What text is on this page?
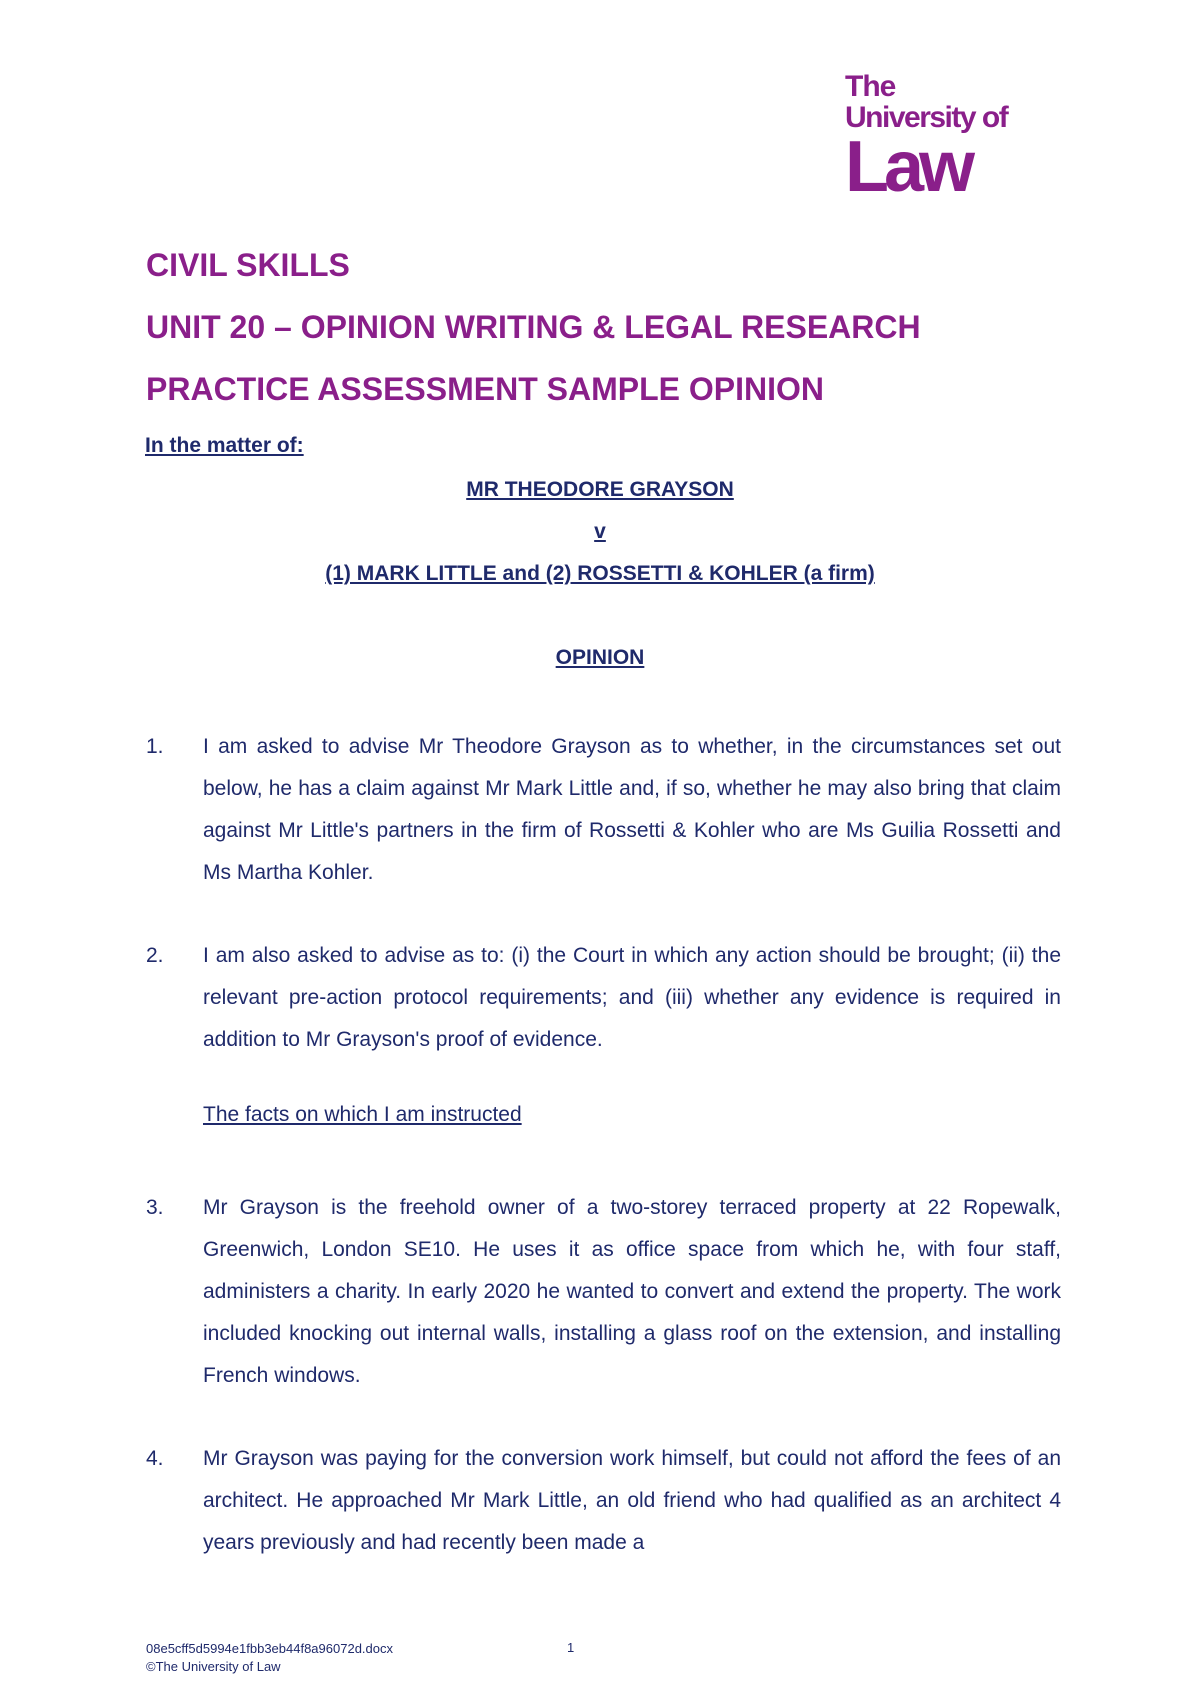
The
University of
Law
CIVIL SKILLS
UNIT 20 – OPINION WRITING & LEGAL RESEARCH
PRACTICE ASSESSMENT SAMPLE OPINION

In the matter of:

MR THEODORE GRAYSON

v

(1) MARK LITTLE and (2) ROSSETTI & KOHLER (a firm)

OPINION

1. I am asked to advise Mr Theodore Grayson as to whether, in the circumstances set out below, he has a claim against Mr Mark Little and, if so, whether he may also bring that claim against Mr Little's partners in the firm of Rossetti & Kohler who are Ms Guilia Rossetti and Ms Martha Kohler.
2. I am also asked to advise as to: (i) the Court in which any action should be brought; (ii) the relevant pre-action protocol requirements; and (iii) whether any evidence is required in addition to Mr Grayson's proof of evidence.

The facts on which I am instructed

3. Mr Grayson is the freehold owner of a two-storey terraced property at 22 Ropewalk, Greenwich, London SE10. He uses it as office space from which he, with four staff, administers a charity. In early 2020 he wanted to convert and extend the property. The work included knocking out internal walls, installing a glass roof on the extension, and installing French windows.
4. Mr Grayson was paying for the conversion work himself, but could not afford the fees of an architect. He approached Mr Mark Little, an old friend who had qualified as an architect 4 years previously and had recently been made a
08e5cff5d5994e1fbb3eb44f8a96072d.docx
©The University of Law
1
